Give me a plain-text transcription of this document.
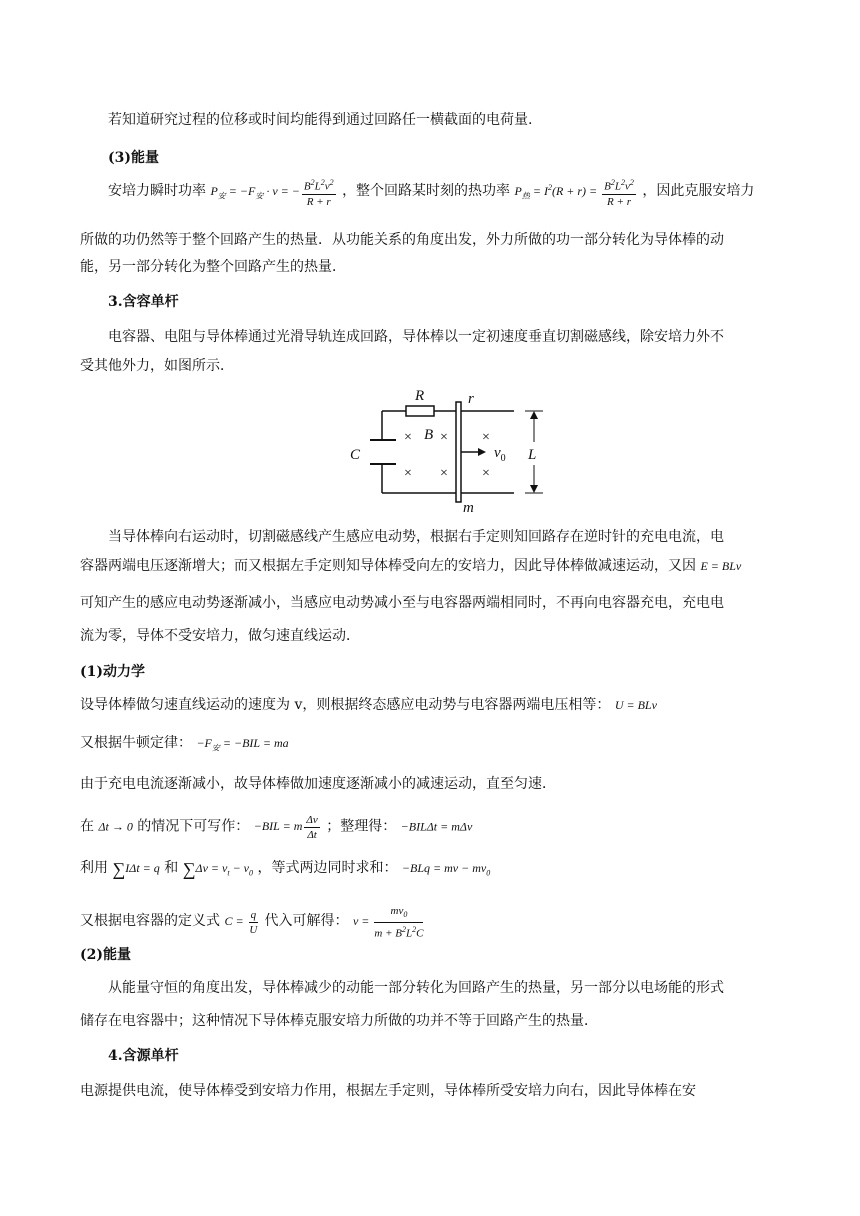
若知道研究过程的位移或时间均能得到通过回路任一横截面的电荷量.
(3)能量
安培力瞬时功率 $P_安 = -F_安 \cdot v$ = − $\frac{B^2L^2v^2}{R + r}$ ，整个回路某时刻的热功率 $P_热 = I^2(R + r) = \frac{B^2L^2v^2}{R + r}$ ，因此克服安培力
所做的功仍然等于整个回路产生的热量．从功能关系的角度出发，外力所做的功一部分转化为导体棒的动
能，另一部分转化为整个回路产生的热量．
3.含容单杆
电容器、电阻与导体棒通过光滑导轨连成回路，导体棒以一定初速度垂直切割磁感线，除安培力外不
受其他外力，如图所示．
× × ×
× × ×
R	r
B
C
m
$v_0$ L
当导体棒向右运动时，切割磁感线产生感应电动势，根据右手定则知回路存在逆时针的充电电流，电
容器两端电压逐渐增大；而又根据左手定则知导体棒受向左的安培力，因此导体棒做减速运动，又因 E = BLv
可知产生的感应电动势逐渐减小，当感应电动势减小至与电容器两端相同时，不再向电容器充电，充电电
流为零，导体不受安培力，做匀速直线运动．
(1)动力学
设导体棒做匀速直线运动的速度为 v，则根据终态感应电动势与电容器两端电压相等： U = BLv
又根据牛顿定律： $-F_安 = -BIL$ = ma
由于充电电流逐渐减小，故导体棒做加速度逐渐减小的减速运动，直至匀速．
在 Δt → 0 的情况下可写作： −BIL = m $\frac{\Delta v}{\Delta t}$ ；整理得： −BILΔt = mΔv
利用 ∑IΔt = q 和 $\sum\Delta v = v_t - v_0$ ，等式两边同时求和： −BLq = mv − $mv_0$
又根据电容器的定义式 $C = \frac{q}{U}$ 代入可解得： $v = \frac{mv_0}{m + B^2L^2C}$
(2)能量
从能量守恒的角度出发，导体棒减少的动能一部分转化为回路产生的热量，另一部分以电场能的形式
储存在电容器中；这种情况下导体棒克服安培力所做的功并不等于回路产生的热量．
4.含源单杆
电源提供电流，使导体棒受到安培力作用，根据左手定则，导体棒所受安培力向右，因此导体棒在安
